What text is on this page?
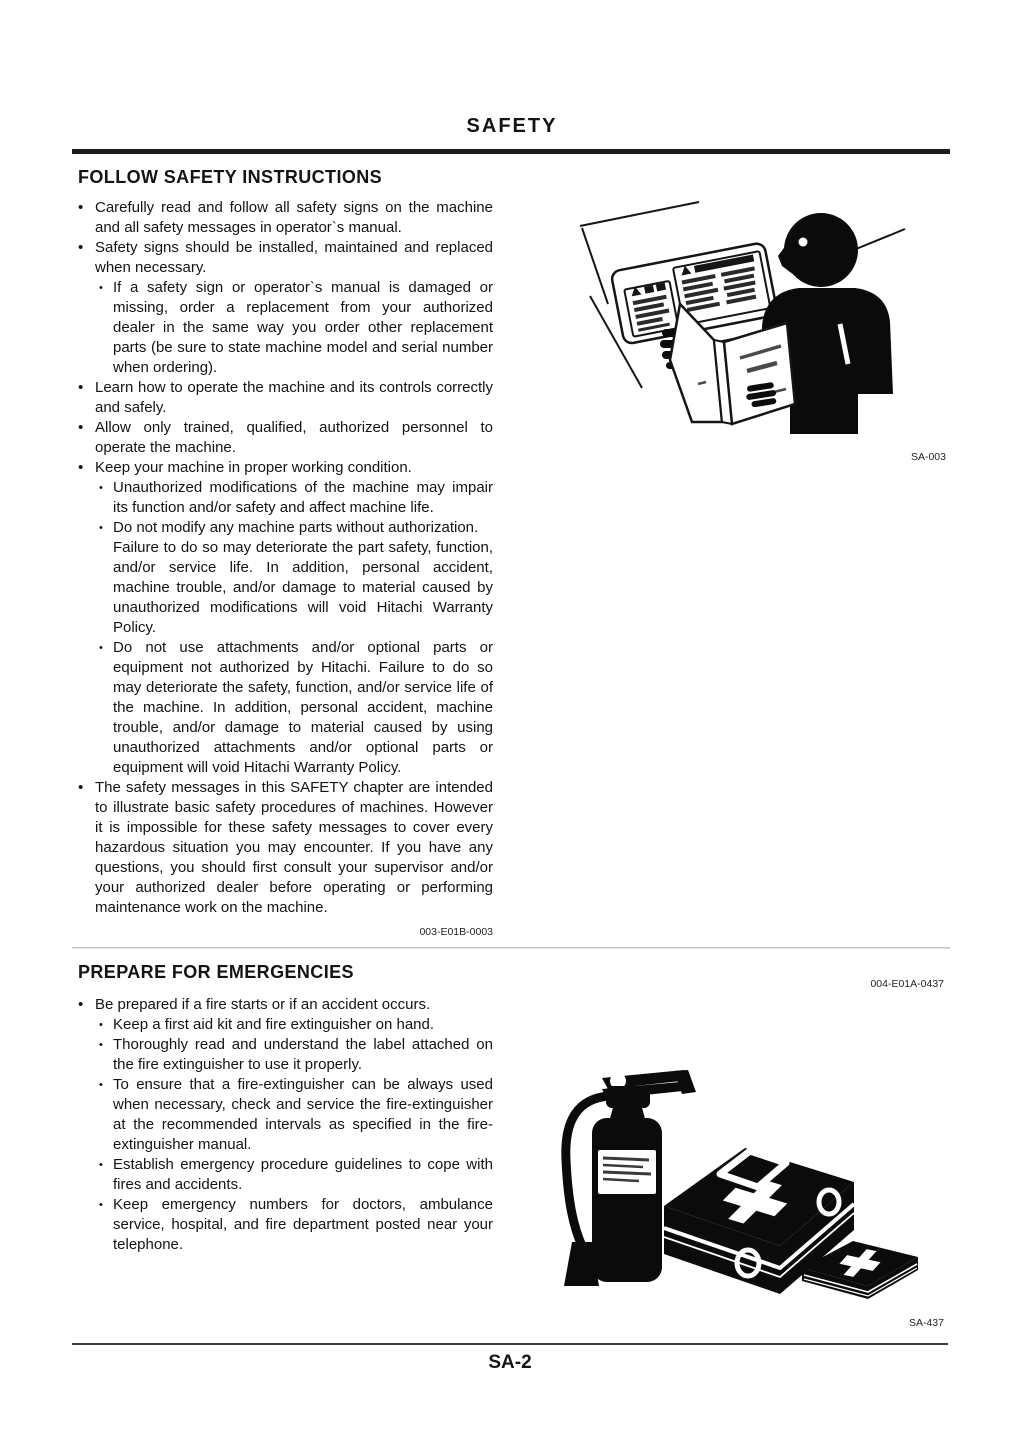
SAFETY
FOLLOW SAFETY INSTRUCTIONS
• Carefully read and follow all safety signs on the machine and all safety messages in operator`s manual.
• Safety signs should be installed, maintained and replaced when necessary.
• If a safety sign or operator`s manual is damaged or missing, order a replacement from your authorized dealer in the same way you order other replacement parts (be sure to state machine model and serial number when ordering).
• Learn how to operate the machine and its controls correctly and safely.
• Allow only trained, qualified, authorized personnel to operate the machine.
• Keep your machine in proper working condition.
• Unauthorized modifications of the machine may impair its function and/or safety and affect machine life.
• Do not modify any machine parts without authorization.
Failure to do so may deteriorate the part safety, function, and/or service life. In addition, personal accident, machine trouble, and/or damage to material caused by unauthorized modifications will void Hitachi Warranty Policy.
• Do not use attachments and/or optional parts or equipment not authorized by Hitachi. Failure to do so may deteriorate the safety, function, and/or service life of the machine. In addition, personal accident, machine trouble, and/or damage to material caused by using unauthorized attachments and/or optional parts or equipment will void Hitachi Warranty Policy.
• The safety messages in this SAFETY chapter are intended to illustrate basic safety procedures of machines. However it is impossible for these safety messages to cover every hazardous situation you may encounter. If you have any questions, you should first consult your supervisor and/or your authorized dealer before operating or performing maintenance work on the machine.
003-E01B-0003
PREPARE FOR EMERGENCIES
004-E01A-0437
• Be prepared if a fire starts or if an accident occurs.
• Keep a first aid kit and fire extinguisher on hand.
• Thoroughly read and understand the label attached on the fire extinguisher to use it properly.
• To ensure that a fire-extinguisher can be always used when necessary, check and service the fire-extinguisher at the recommended intervals as specified in the fire-extinguisher manual.
• Establish emergency procedure guidelines to cope with fires and accidents.
• Keep emergency numbers for doctors, ambulance service, hospital, and fire department posted near your telephone.
SA-003
SA-437
SA-2
